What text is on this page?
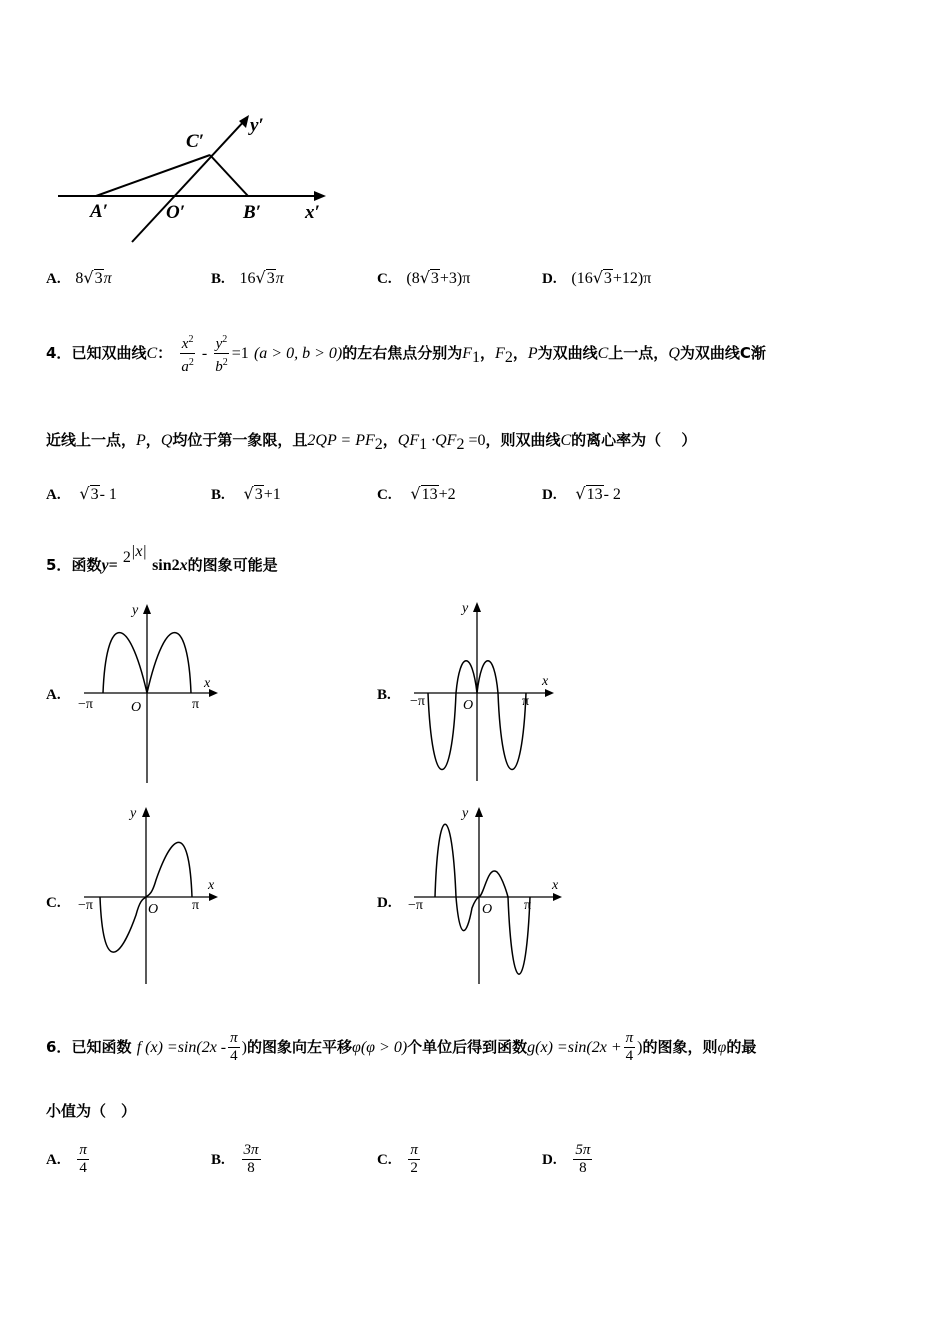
C′
y′
A′	O′	B′ x′
A. 8√3π	B. 16√3π	C. (8√3+3)π	D. (16√3+12)π
4．已知双曲线C： $\frac{x^2}{a^2} - \frac{y^2}{b^2} =1$ (a > 0, b > 0)的左右焦点分别为$F_1$，$F_2$，P为双曲线C上一点，Q为双曲线C渐
近线上一点，P，Q均位于第一象限，且$2QP = PF_2$，$QF_1 \cdot QF_2 =0$，则双曲线C的离心率为（　 ）
A. √3- 1	B. √3+1	C. √13+2	D. √13- 2
5．函数$y= 2^{|x|}$ sin2x的图象可能是
A.
x
y
O
−π	π
B.
x
y
O
−π	π
C.
x
y
O
−π	π	D.
x
y
O
−π	π
6．已知函数 f $(x) =\sin(2x - \frac{\pi}{4}$ )的图象向左平移φ(φ > 0)个单位后得到函数$g(x) =\sin(2x + \frac{\pi}{4}$ )的图象，则φ的最
小值为（　）
A. $\frac{\pi}{4}$	B. $\frac{3\pi}{8}$	C. $\frac{\pi}{2}$	D. $\frac{5\pi}{8}$
